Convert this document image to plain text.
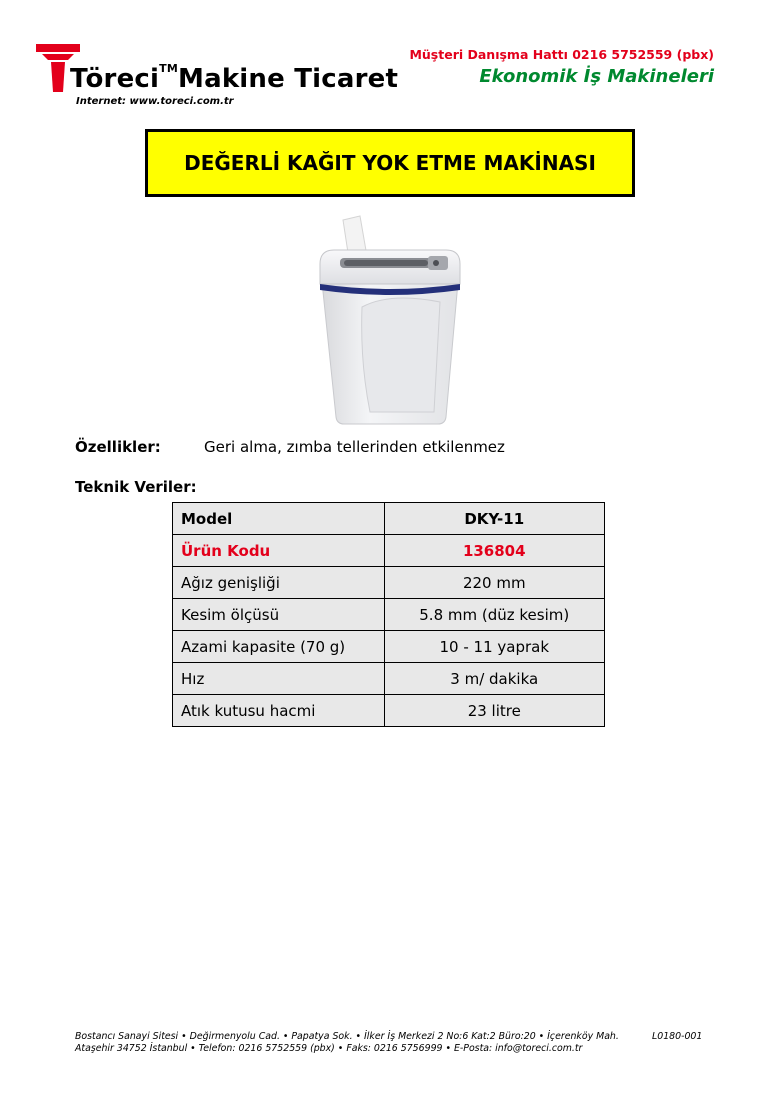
Töreci™Makine Ticaret
Internet: www.toreci.com.tr
Müşteri Danışma Hattı 0216 5752559 (pbx)
Ekonomik İş Makineleri
DEĞERLİ KAĞIT YOK ETME MAKİNASI
Özellikler:	Geri alma, zımba tellerinden etkilenmez
Teknik Veriler:
Model	DKY-11
Ürün Kodu	136804
Ağız genişliği	220 mm
Kesim ölçüsü	5.8 mm (düz kesim)
Azami kapasite (70 g)	10 - 11 yaprak
Hız	3 m/ dakika
Atık kutusu hacmi	23 litre
Bostancı Sanayi Sitesi • Değirmenyolu Cad. • Papatya Sok. • İlker İş Merkezi 2 No:6 Kat:2 Büro:20 • İçerenköy Mah.
Ataşehir 34752 İstanbul • Telefon: 0216 5752559 (pbx) • Faks: 0216 5756999 • E-Posta: info@toreci.com.tr
L0180-001
